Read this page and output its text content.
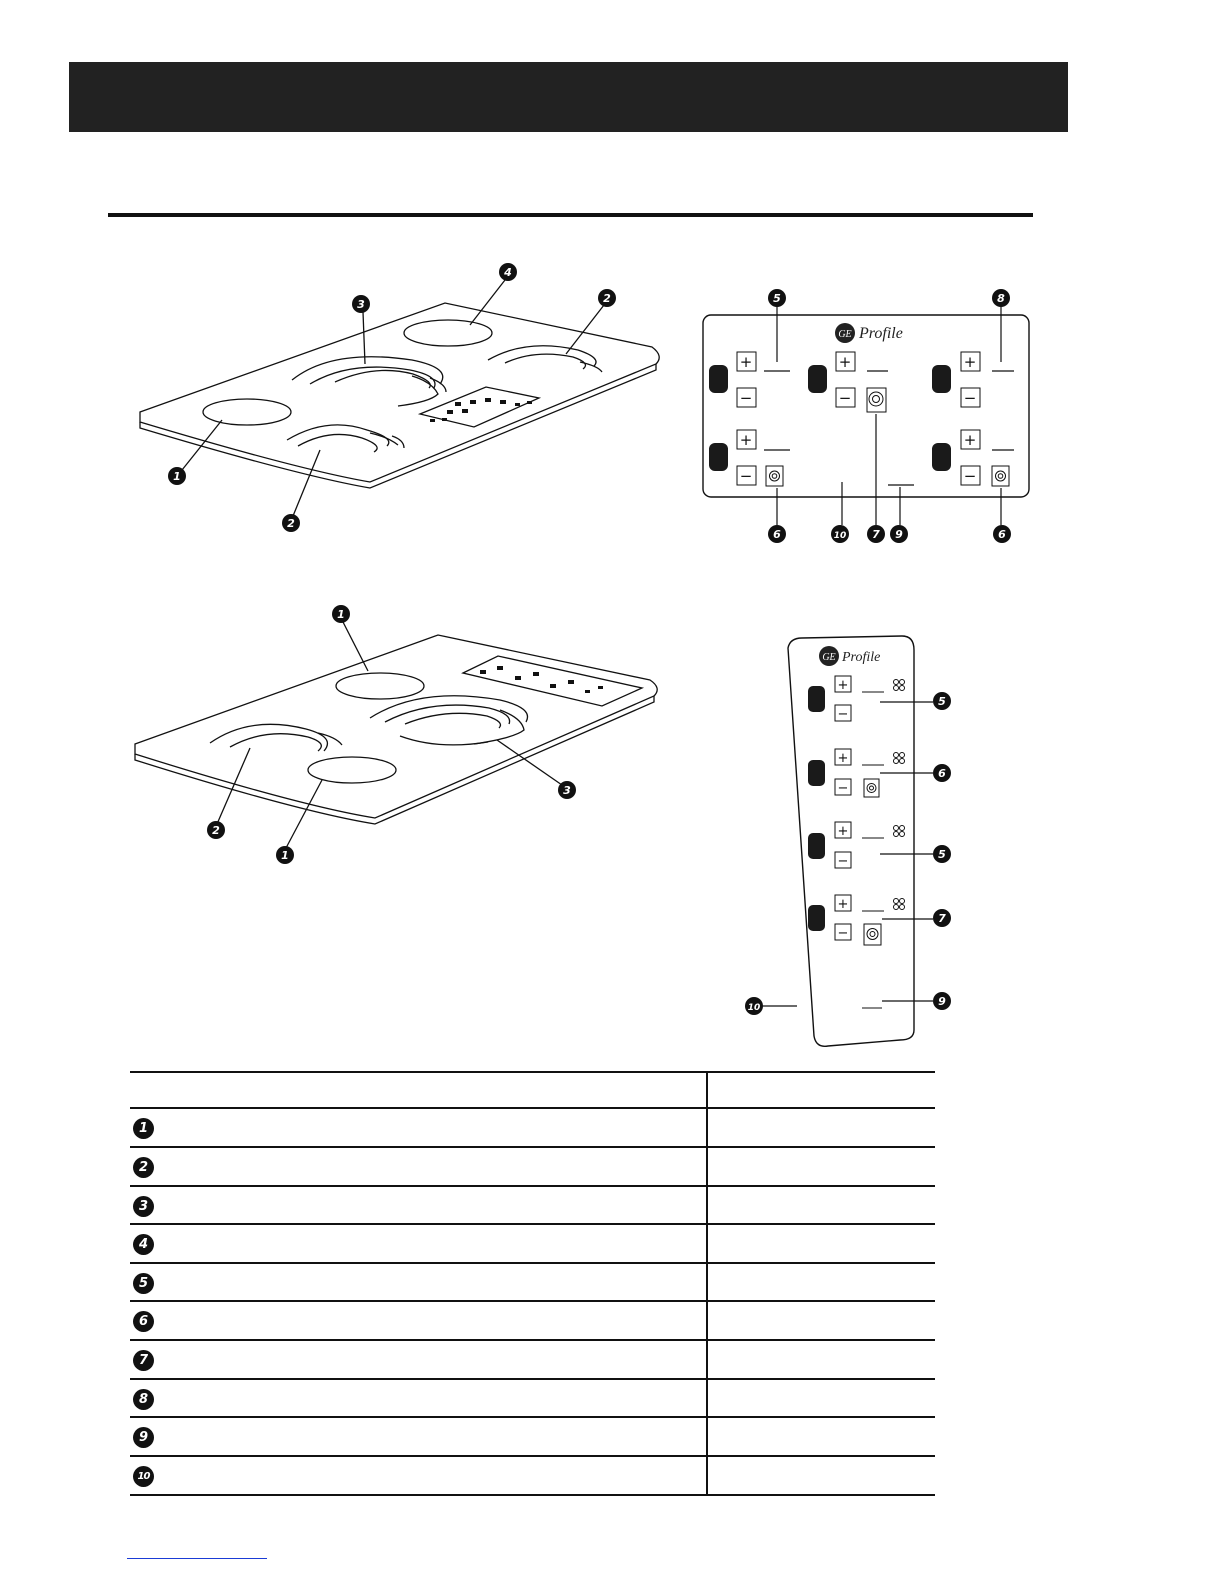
4
3	2
1
2
GE Profile
+
−
+
−
+
−
+
−
+
−
5	8
6	10 7 9	6
1
3
2
1
GE Profile
+
−
+
−
+
−
+
−
5
6
5
7
10	9
1
2
3
4
5
6
7
8
9
10
